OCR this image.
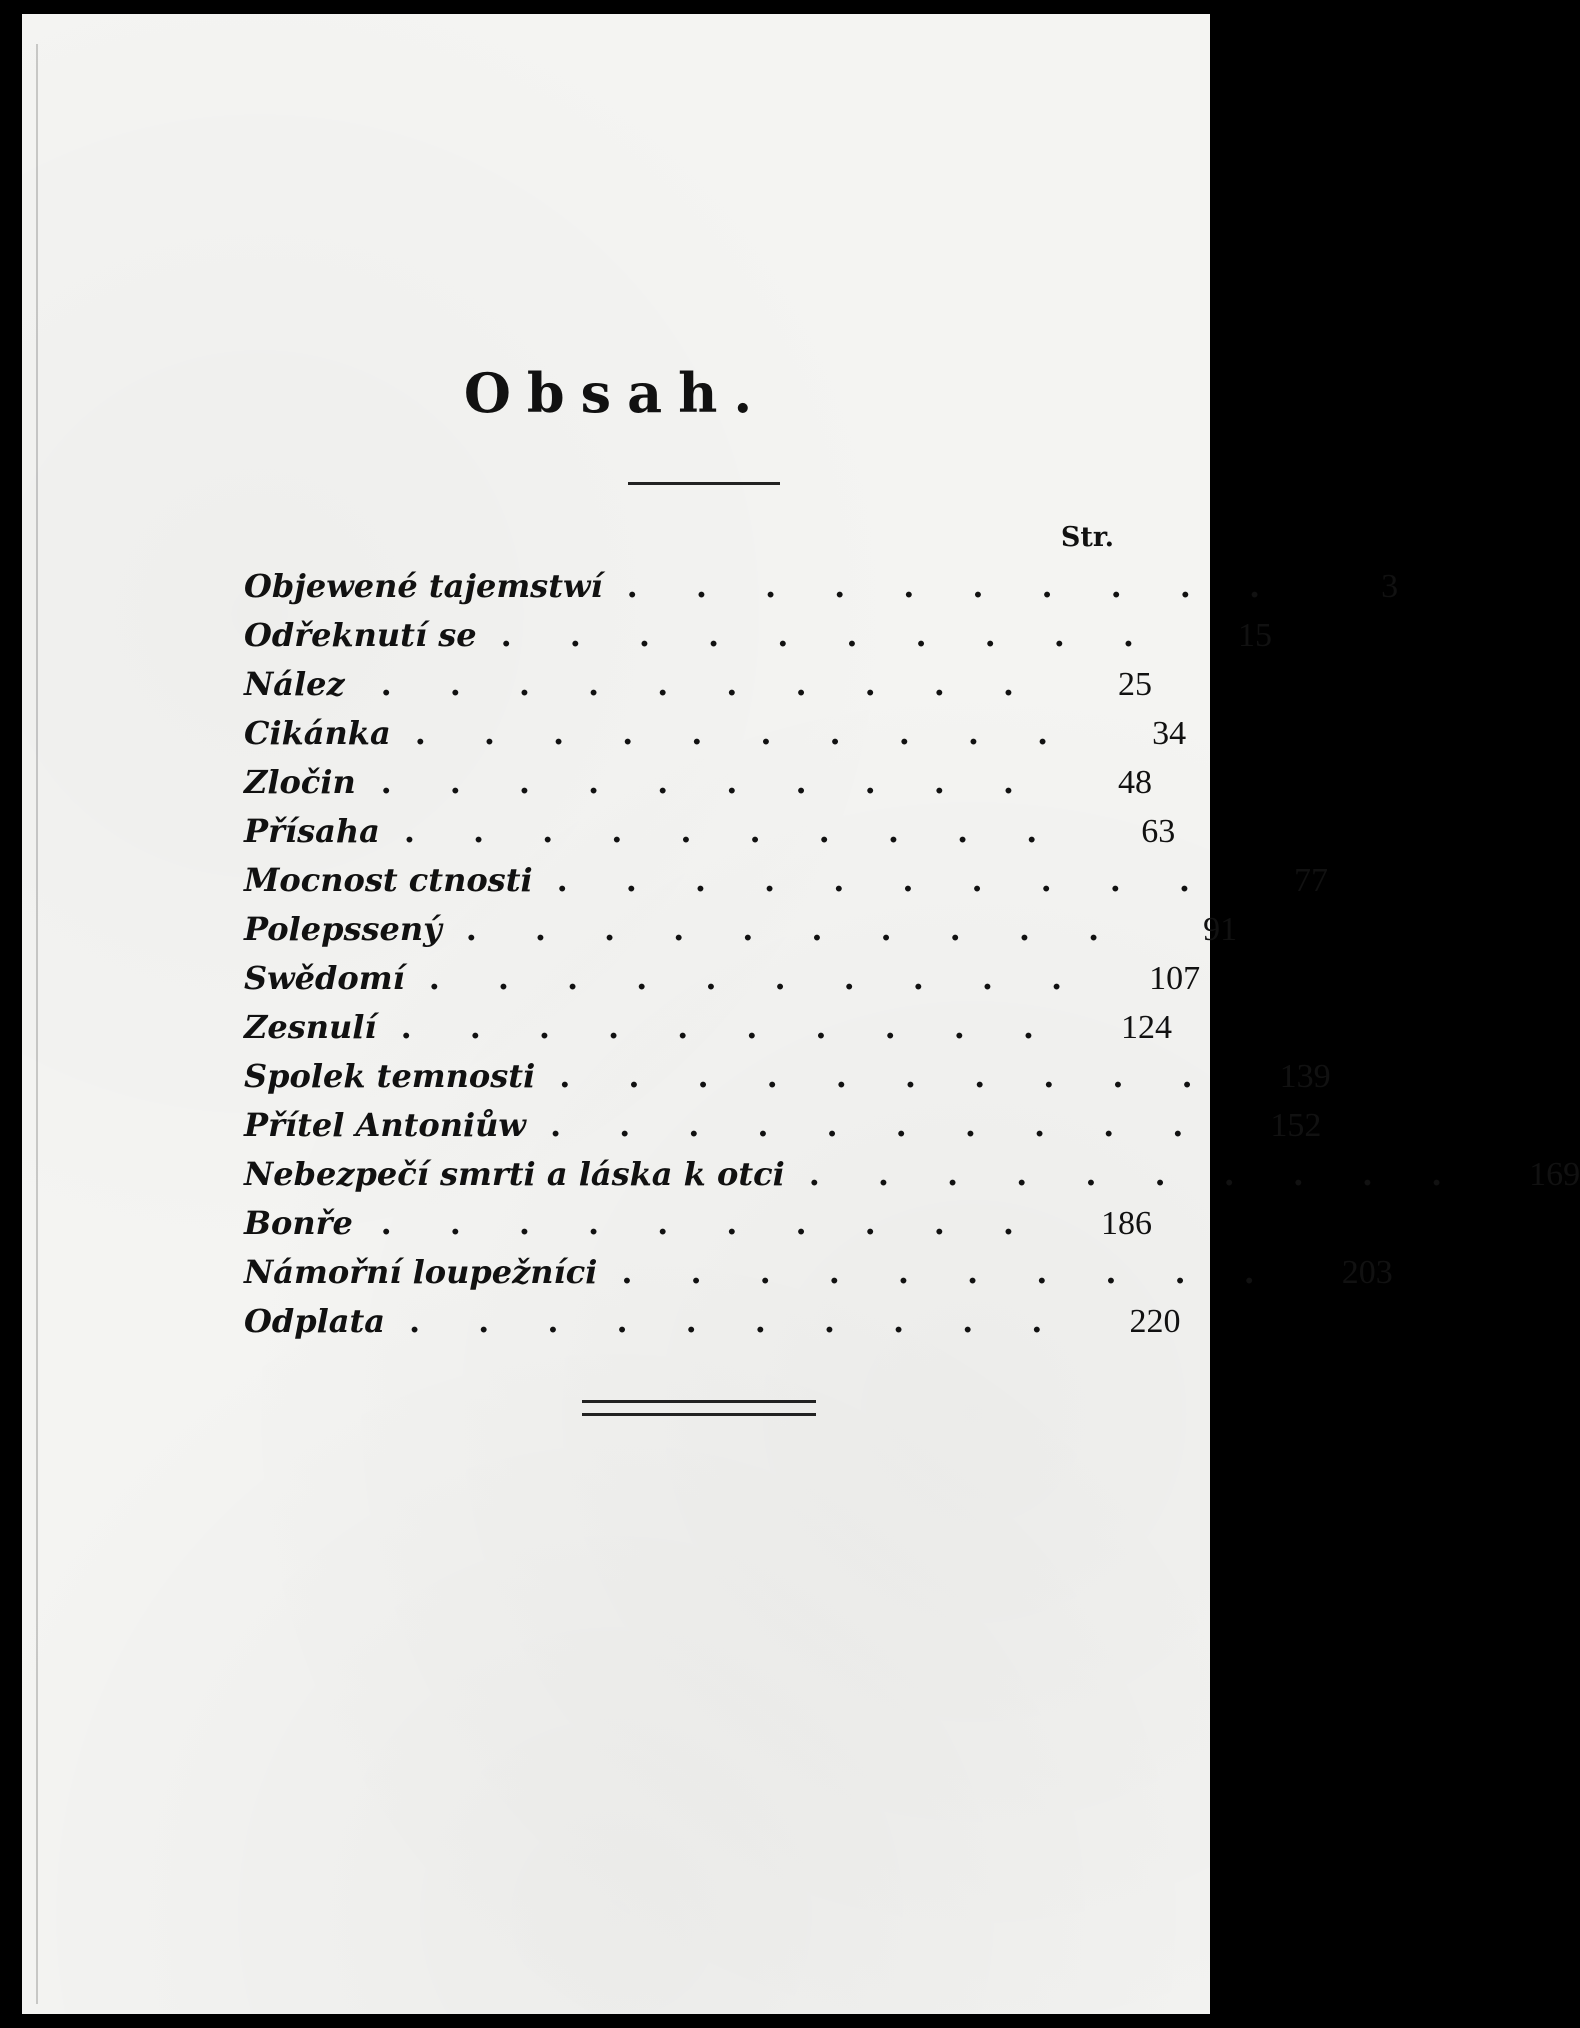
Obsah.
Str.
Objewené tajemstwí ..........	3
Odřeknutí se ..........	15
Nález	..........	25
Cikánka ..........	34
Zločin ..........	48
Přísaha ..........	63
Mocnost ctnosti ..........	77
Polepssený ..........	91
Swědomí .......... 107
Zesnulí .......... 124
Spolek temnosti .......... 139
Přítel Antoniůw .......... 152
Nebezpečí smrti a láska k otci .......... 169
Bonře .......... 186
Námořní loupežníci .......... 203
Odplata .......... 220
